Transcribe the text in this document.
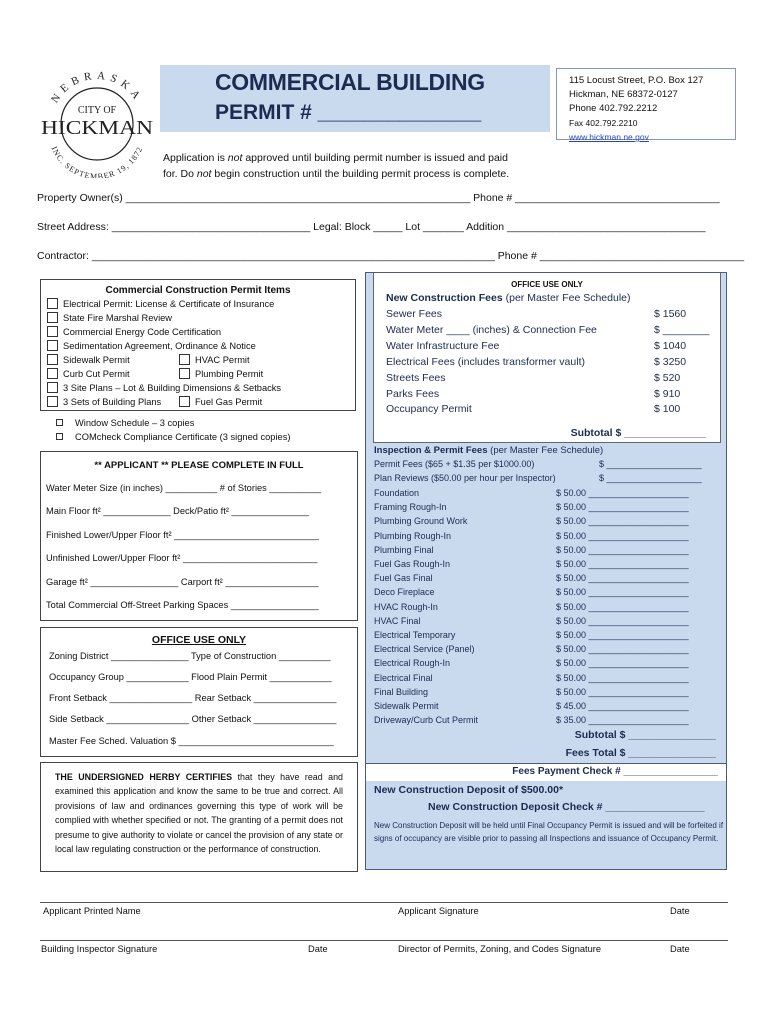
NEBRASKA
INC. SEPTEMBER 19, 1872
CITY OF
HICKMAN
COMMERCIAL BUILDING
PERMIT # ______________
115 Locust Street, P.O. Box 127
Hickman, NE 68372-0127
Phone 402.792.2212
Fax 402.792.2210
www.hickman.ne.gov
Application is not approved until building permit number is issued and paid
for. Do not begin construction until the building permit process is complete.
Property Owner(s) ___________________________________________________________ Phone # ___________________________________
Street Address: __________________________________ Legal: Block _____ Lot _______ Addition __________________________________
Contractor: _____________________________________________________________________ Phone # ___________________________________
Commercial Construction Permit Items
Electrical Permit: License & Certificate of Insurance
State Fire Marshal Review
Commercial Energy Code Certification
Sedimentation Agreement, Ordinance & Notice
Sidewalk Permit
Curb Cut Permit
3 Site Plans – Lot & Building Dimensions & Setbacks
3 Sets of Building Plans
HVAC Permit
Plumbing Permit
Fuel Gas Permit
Window Schedule – 3 copies
COMcheck Compliance Certificate (3 signed copies)
** APPLICANT ** PLEASE COMPLETE IN FULL
Water Meter Size (in inches) __________ # of Stories __________
Main Floor ft² _____________ Deck/Patio ft² _______________
Finished Lower/Upper Floor ft² ____________________________
Unfinished Lower/Upper Floor ft² __________________________
Garage ft² _________________ Carport ft² __________________
Total Commercial Off-Street Parking Spaces _________________
OFFICE USE ONLY
Zoning District _______________ Type of Construction __________
Occupancy Group ____________ Flood Plain Permit ____________
Front Setback ________________ Rear Setback ________________
Side Setback ________________ Other Setback ________________
Master Fee Sched. Valuation $ ______________________________
THE UNDERSIGNED HERBY CERTIFIES that they have read and examined this application and know the same to be true and correct. All provisions of law and ordinances governing this type of work will be complied with whether specified or not. The granting of a permit does not presume to give authority to violate or cancel the provision of any state or local law regulating construction or the performance of construction.
OFFICE USE ONLY
New Construction Fees (per Master Fee Schedule)
Sewer Fees	$ 1560
Water Meter ____ (inches) & Connection Fee	$ ________
Water Infrastructure Fee	$ 1040
Electrical Fees (includes transformer vault)	$ 3250
Streets Fees	$ 520
Parks Fees	$ 910
Occupancy Permit	$ 100
Subtotal $ ______________
Inspection & Permit Fees (per Master Fee Schedule)
Permit Fees ($65 + $1.35 per $1000.00)	$ ___________________
Plan Reviews ($50.00 per hour per Inspector)	$ ___________________
Foundation	$ 50.00 ____________________
Framing Rough-In	$ 50.00 ____________________
Plumbing Ground Work	$ 50.00 ____________________
Plumbing Rough-In	$ 50.00 ____________________
Plumbing Final	$ 50.00 ____________________
Fuel Gas Rough-In	$ 50.00 ____________________
Fuel Gas Final	$ 50.00 ____________________
Deco Fireplace	$ 50.00 ____________________
HVAC Rough-In	$ 50.00 ____________________
HVAC Final	$ 50.00 ____________________
Electrical Temporary	$ 50.00 ____________________
Electrical Service (Panel)	$ 50.00 ____________________
Electrical Rough-In	$ 50.00 ____________________
Electrical Final	$ 50.00 ____________________
Final Building	$ 50.00 ____________________
Sidewalk Permit	$ 45.00 ____________________
Driveway/Curb Cut Permit	$ 35.00 ____________________
Subtotal $ _______________
Fees Total $ _______________
Fees Payment Check # _________________
New Construction Deposit of $500.00*
New Construction Deposit Check # _________________
New Construction Deposit will be held until Final Occupancy Permit is issued and will be forfeited if signs of occupancy are visible prior to passing all Inspections and issuance of Occupancy Permit.
Applicant Printed Name	Applicant Signature	Date
Building Inspector Signature	Date	Director of Permits, Zoning, and Codes Signature	Date
